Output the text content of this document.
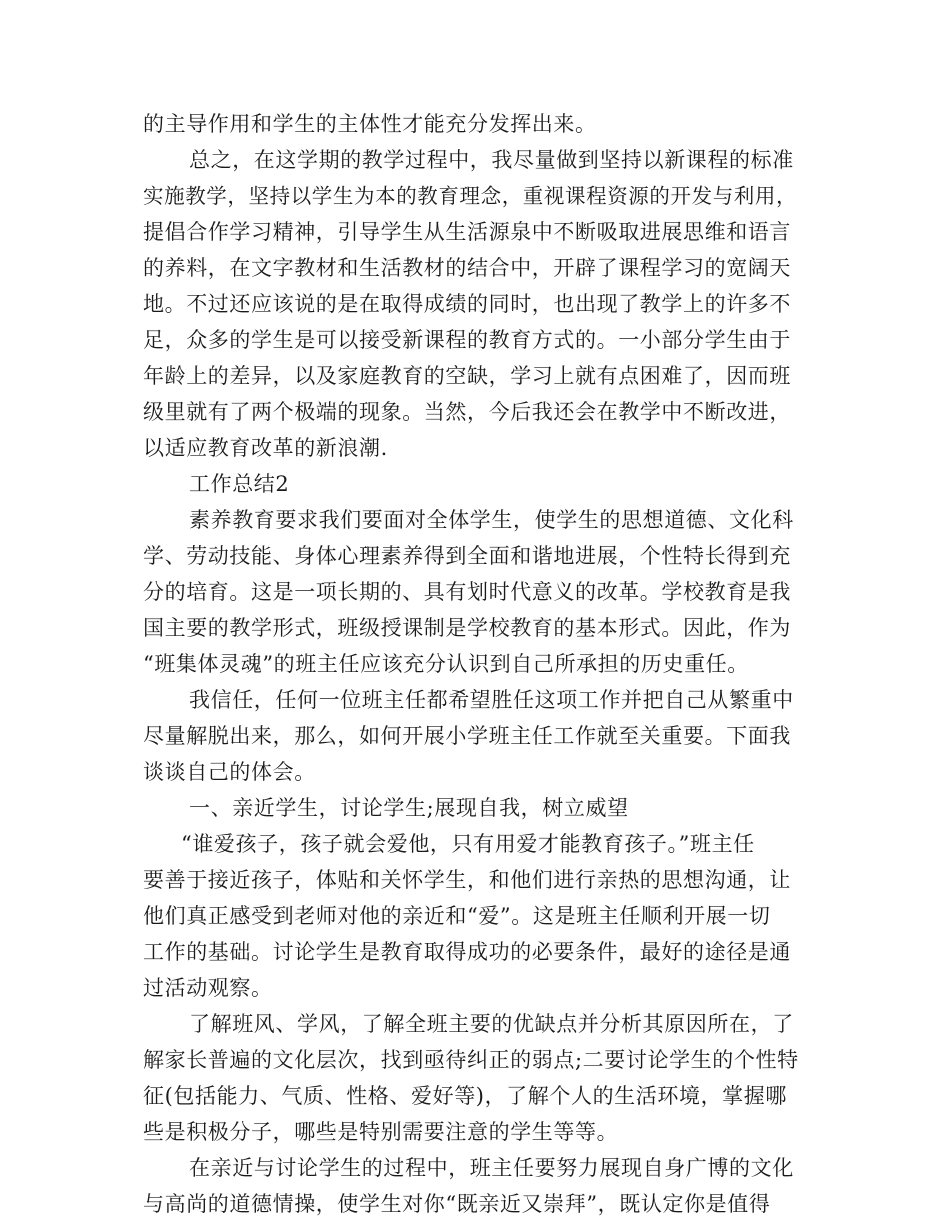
的主导作用和学生的主体性才能充分发挥出来。
总之，在这学期的教学过程中，我尽量做到坚持以新课程的标准
实施教学，坚持以学生为本的教育理念，重视课程资源的开发与利用，
提倡合作学习精神，引导学生从生活源泉中不断吸取进展思维和语言
的养料，在文字教材和生活教材的结合中，开辟了课程学习的宽阔天
地。不过还应该说的是在取得成绩的同时，也出现了教学上的许多不
足，众多的学生是可以接受新课程的教育方式的。一小部分学生由于
年龄上的差异，以及家庭教育的空缺，学习上就有点困难了，因而班
级里就有了两个极端的现象。当然，今后我还会在教学中不断改进，
以适应教育改革的新浪潮.
工作总结2
素养教育要求我们要面对全体学生，使学生的思想道德、文化科
学、劳动技能、身体心理素养得到全面和谐地进展，个性特长得到充
分的培育。这是一项长期的、具有划时代意义的改革。学校教育是我
国主要的教学形式，班级授课制是学校教育的基本形式。因此，作为
“班集体灵魂”的班主任应该充分认识到自己所承担的历史重任。
我信任，任何一位班主任都希望胜任这项工作并把自己从繁重中
尽量解脱出来，那么，如何开展小学班主任工作就至关重要。下面我
谈谈自己的体会。
一、亲近学生，讨论学生;展现自我，树立威望
“谁爱孩子，孩子就会爱他，只有用爱才能教育孩子。”班主任
要善于接近孩子，体贴和关怀学生，和他们进行亲热的思想沟通，让
他们真正感受到老师对他的亲近和“爱”。这是班主任顺利开展一切
工作的基础。讨论学生是教育取得成功的必要条件，最好的途径是通
过活动观察。
了解班风、学风，了解全班主要的优缺点并分析其原因所在，了
解家长普遍的文化层次，找到亟待纠正的弱点;二要讨论学生的个性特
征(包括能力、气质、性格、爱好等)，了解个人的生活环境，掌握哪
些是积极分子，哪些是特别需要注意的学生等等。
在亲近与讨论学生的过程中，班主任要努力展现自身广博的文化
与高尚的道德情操，使学生对你“既亲近又崇拜”，既认定你是值得
